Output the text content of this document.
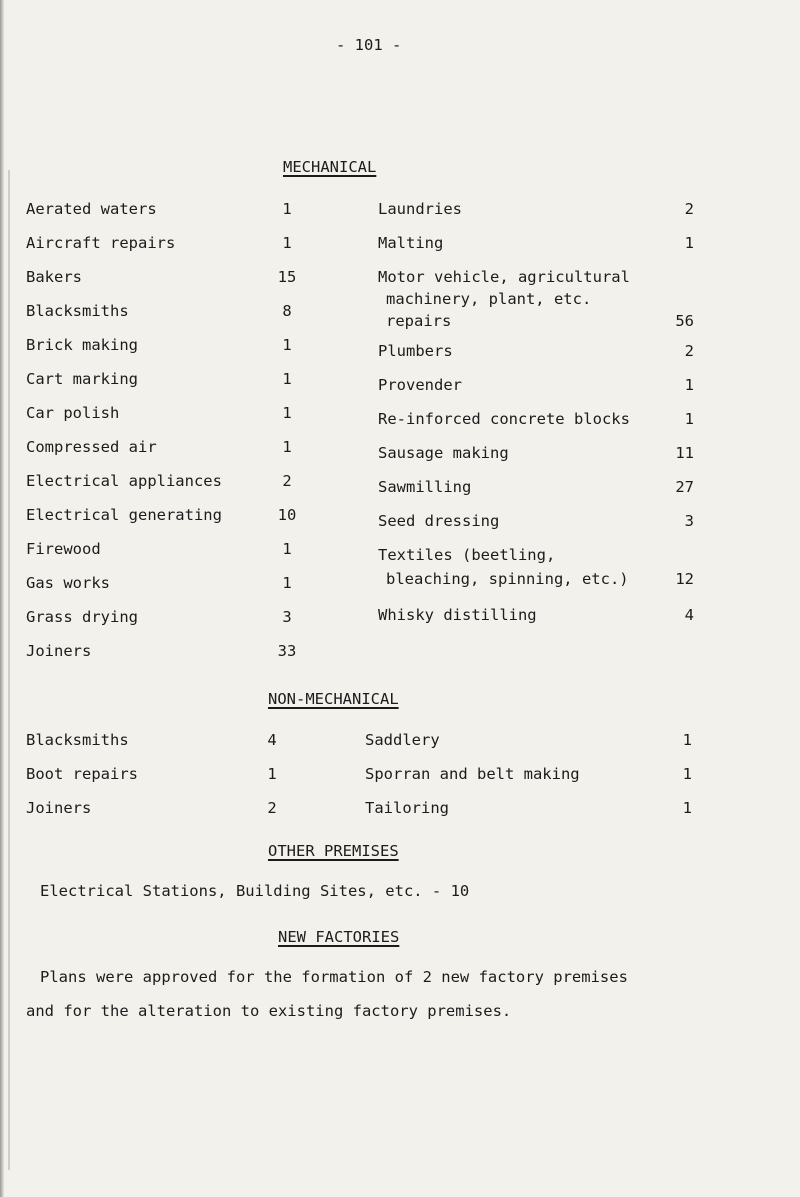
- 101 -
MECHANICAL
Aerated waters	1
Aircraft repairs	1
Bakers	15
Blacksmiths	8
Brick making	1
Cart marking	1
Car polish	1
Compressed air	1
Electrical appliances	2
Electrical generating	10
Firewood	1
Gas works	1
Grass drying	3
Joiners	33
Laundries	2
Malting	1
Motor vehicle, agricultural
machinery, plant, etc.
repairs	56
Plumbers	2
Provender	1
Re-inforced concrete blocks	1
Sausage making	11
Sawmilling	27
Seed dressing	3
Textiles (beetling,
bleaching, spinning, etc.)	12
Whisky distilling	4
NON-MECHANICAL
Blacksmiths	4
Boot repairs	1
Joiners	2
Saddlery	1
Sporran and belt making	1
Tailoring	1
OTHER PREMISES
Electrical Stations, Building Sites, etc. - 10
NEW FACTORIES
Plans were approved for the formation of 2 new factory premises
and for the alteration to existing factory premises.
